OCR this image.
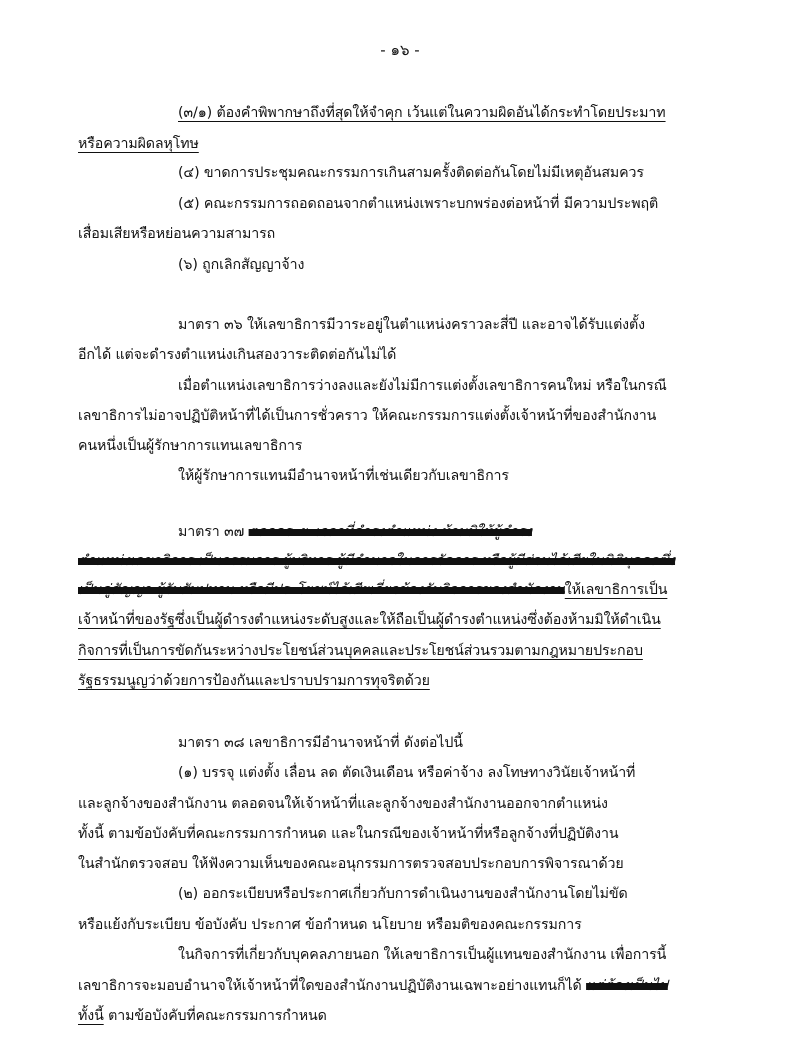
- ๑๖ -
(๓/๑) ต้องคำพิพากษาถึงที่สุดให้จำคุก เว้นแต่ในความผิดอันได้กระทำโดยประมาท
หรือความผิดลหุโทษ
(๔) ขาดการประชุมคณะกรรมการเกินสามครั้งติดต่อกันโดยไม่มีเหตุอันสมควร
(๕) คณะกรรมการถอดถอนจากตำแหน่งเพราะบกพร่องต่อหน้าที่ มีความประพฤติ
เสื่อมเสียหรือหย่อนความสามารถ
(๖) ถูกเลิกสัญญาจ้าง
มาตรา ๓๖ ให้เลขาธิการมีวาระอยู่ในตำแหน่งคราวละสี่ปี และอาจได้รับแต่งตั้ง
อีกได้ แต่จะดำรงตำแหน่งเกินสองวาระติดต่อกันไม่ได้
เมื่อตำแหน่งเลขาธิการว่างลงและยังไม่มีการแต่งตั้งเลขาธิการคนใหม่ หรือในกรณี
เลขาธิการไม่อาจปฏิบัติหน้าที่ได้เป็นการชั่วคราว ให้คณะกรรมการแต่งตั้งเจ้าหน้าที่ของสำนักงาน
คนหนึ่งเป็นผู้รักษาการแทนเลขาธิการ
ให้ผู้รักษาการแทนมีอำนาจหน้าที่เช่นเดียวกับเลขาธิการ
มาตรา ๓๗ ตลอดระยะเวลาที่ดำรงตำแหน่ง ห้ามมิให้ผู้ดำรง
ตำแหน่งเลขาธิการ เป็นกรรมการ ผู้บริหาร ผู้มีอำนาจในการจัดการ หรือผู้มีส่วนได้เสียในนิติบุคคลซึ่ง
เป็นคู่สัญญา ผู้รับสัมปทาน หรือมีประโยชน์ได้เสียเกี่ยวข้องกับกิจการของสำนักงานให้เลขาธิการเป็น
เจ้าหน้าที่ของรัฐซึ่งเป็นผู้ดำรงตำแหน่งระดับสูงและให้ถือเป็นผู้ดำรงตำแหน่งซึ่งต้องห้ามมิให้ดำเนิน
กิจการที่เป็นการขัดกันระหว่างประโยชน์ส่วนบุคคลและประโยชน์ส่วนรวมตามกฎหมายประกอบ
รัฐธรรมนูญว่าด้วยการป้องกันและปราบปรามการทุจริตด้วย
มาตรา ๓๘ เลขาธิการมีอำนาจหน้าที่ ดังต่อไปนี้
(๑) บรรจุ แต่งตั้ง เลื่อน ลด ตัดเงินเดือน หรือค่าจ้าง ลงโทษทางวินัยเจ้าหน้าที่
และลูกจ้างของสำนักงาน ตลอดจนให้เจ้าหน้าที่และลูกจ้างของสำนักงานออกจากตำแหน่ง
ทั้งนี้ ตามข้อบังคับที่คณะกรรมการกำหนด และในกรณีของเจ้าหน้าที่หรือลูกจ้างที่ปฏิบัติงาน
ในสำนักตรวจสอบ ให้ฟังความเห็นของคณะอนุกรรมการตรวจสอบประกอบการพิจารณาด้วย
(๒) ออกระเบียบหรือประกาศเกี่ยวกับการดำเนินงานของสำนักงานโดยไม่ขัด
หรือแย้งกับระเบียบ ข้อบังคับ ประกาศ ข้อกำหนด นโยบาย หรือมติของคณะกรรมการ
ในกิจการที่เกี่ยวกับบุคคลภายนอก ให้เลขาธิการเป็นผู้แทนของสำนักงาน เพื่อการนี้
เลขาธิการจะมอบอำนาจให้เจ้าหน้าที่ใดของสำนักงานปฏิบัติงานเฉพาะอย่างแทนก็ได้ แต่ต้องเป็นไป
ทั้งนี้ ตามข้อบังคับที่คณะกรรมการกำหนด
